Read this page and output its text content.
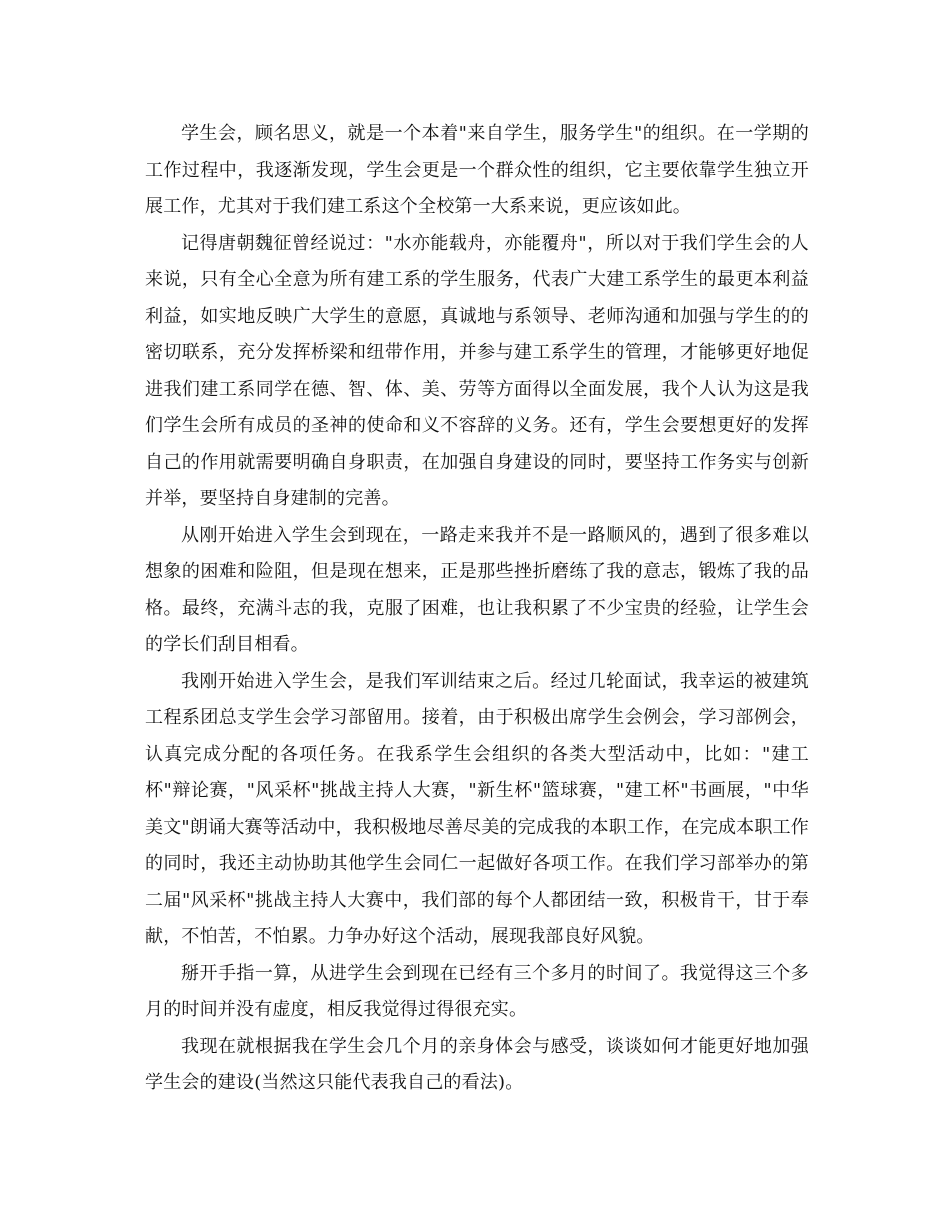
学生会，顾名思义，就是一个本着"来自学生，服务学生"的组织。在一学期的工作过程中，我逐渐发现，学生会更是一个群众性的组织，它主要依靠学生独立开展工作，尤其对于我们建工系这个全校第一大系来说，更应该如此。

记得唐朝魏征曾经说过："水亦能载舟，亦能覆舟"，所以对于我们学生会的人来说，只有全心全意为所有建工系的学生服务，代表广大建工系学生的最更本利益利益，如实地反映广大学生的意愿，真诚地与系领导、老师沟通和加强与学生的的密切联系，充分发挥桥梁和纽带作用，并参与建工系学生的管理，才能够更好地促进我们建工系同学在德、智、体、美、劳等方面得以全面发展，我个人认为这是我们学生会所有成员的圣神的使命和义不容辞的义务。还有，学生会要想更好的发挥自己的作用就需要明确自身职责，在加强自身建设的同时，要坚持工作务实与创新并举，要坚持自身建制的完善。

从刚开始进入学生会到现在，一路走来我并不是一路顺风的，遇到了很多难以想象的困难和险阻，但是现在想来，正是那些挫折磨练了我的意志，锻炼了我的品格。最终，充满斗志的我，克服了困难，也让我积累了不少宝贵的经验，让学生会的学长们刮目相看。

我刚开始进入学生会，是我们军训结束之后。经过几轮面试，我幸运的被建筑工程系团总支学生会学习部留用。接着，由于积极出席学生会例会，学习部例会，认真完成分配的各项任务。在我系学生会组织的各类大型活动中，比如："建工杯"辩论赛，"风采杯"挑战主持人大赛，"新生杯"篮球赛，"建工杯"书画展，"中华美文"朗诵大赛等活动中，我积极地尽善尽美的完成我的本职工作，在完成本职工作的同时，我还主动协助其他学生会同仁一起做好各项工作。在我们学习部举办的第二届"风采杯"挑战主持人大赛中，我们部的每个人都团结一致，积极肯干，甘于奉献，不怕苦，不怕累。力争办好这个活动，展现我部良好风貌。

掰开手指一算，从进学生会到现在已经有三个多月的时间了。我觉得这三个多月的时间并没有虚度，相反我觉得过得很充实。

我现在就根据我在学生会几个月的亲身体会与感受，谈谈如何才能更好地加强学生会的建设(当然这只能代表我自己的看法)。
